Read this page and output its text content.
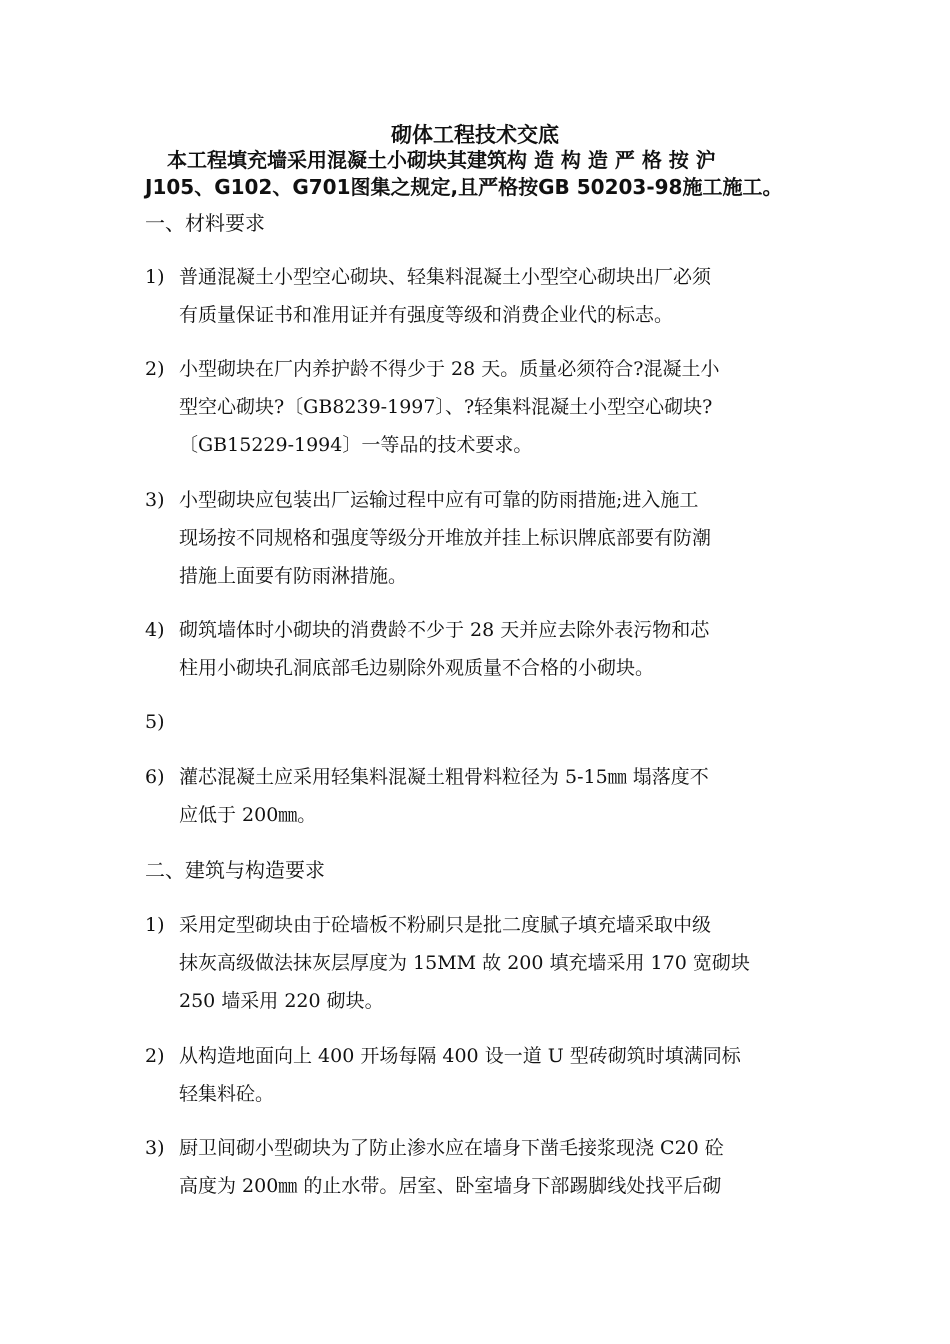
砌体工程技术交底

本工程填充墙采用混凝土小砌块其建筑构 造 构 造 严 格 按 沪

J105、G102、G701图集之规定,且严格按GB 50203-98施工施工。

一、材料要求
1) 普通混凝土小型空心砌块、轻集料混凝土小型空心砌块出厂必须
有质量保证书和准用证并有强度等级和消费企业代的标志。
2) 小型砌块在厂内养护龄不得少于 28 天。质量必须符合?混凝土小
型空心砌块?〔GB8239-1997〕、?轻集料混凝土小型空心砌块?
〔GB15229-1994〕一等品的技术要求。
3) 小型砌块应包装出厂运输过程中应有可靠的防雨措施;进入施工
现场按不同规格和强度等级分开堆放并挂上标识牌底部要有防潮
措施上面要有防雨淋措施。
4) 砌筑墙体时小砌块的消费龄不少于 28 天并应去除外表污物和芯
柱用小砌块孔洞底部毛边剔除外观质量不合格的小砌块。
5)
6) 灌芯混凝土应采用轻集料混凝土粗骨料粒径为 5-15㎜ 塌落度不
应低于 200㎜。
二、建筑与构造要求
1) 采用定型砌块由于砼墙板不粉刷只是批二度腻子填充墙采取中级
抹灰高级做法抹灰层厚度为 15MM 故 200 填充墙采用 170 宽砌块
250 墙采用 220 砌块。
2) 从构造地面向上 400 开场每隔 400 设一道 U 型砖砌筑时填满同标
轻集料砼。
3) 厨卫间砌小型砌块为了防止渗水应在墙身下凿毛接浆现浇 C20 砼
高度为 200㎜ 的止水带。居室、卧室墙身下部踢脚线处找平后砌
